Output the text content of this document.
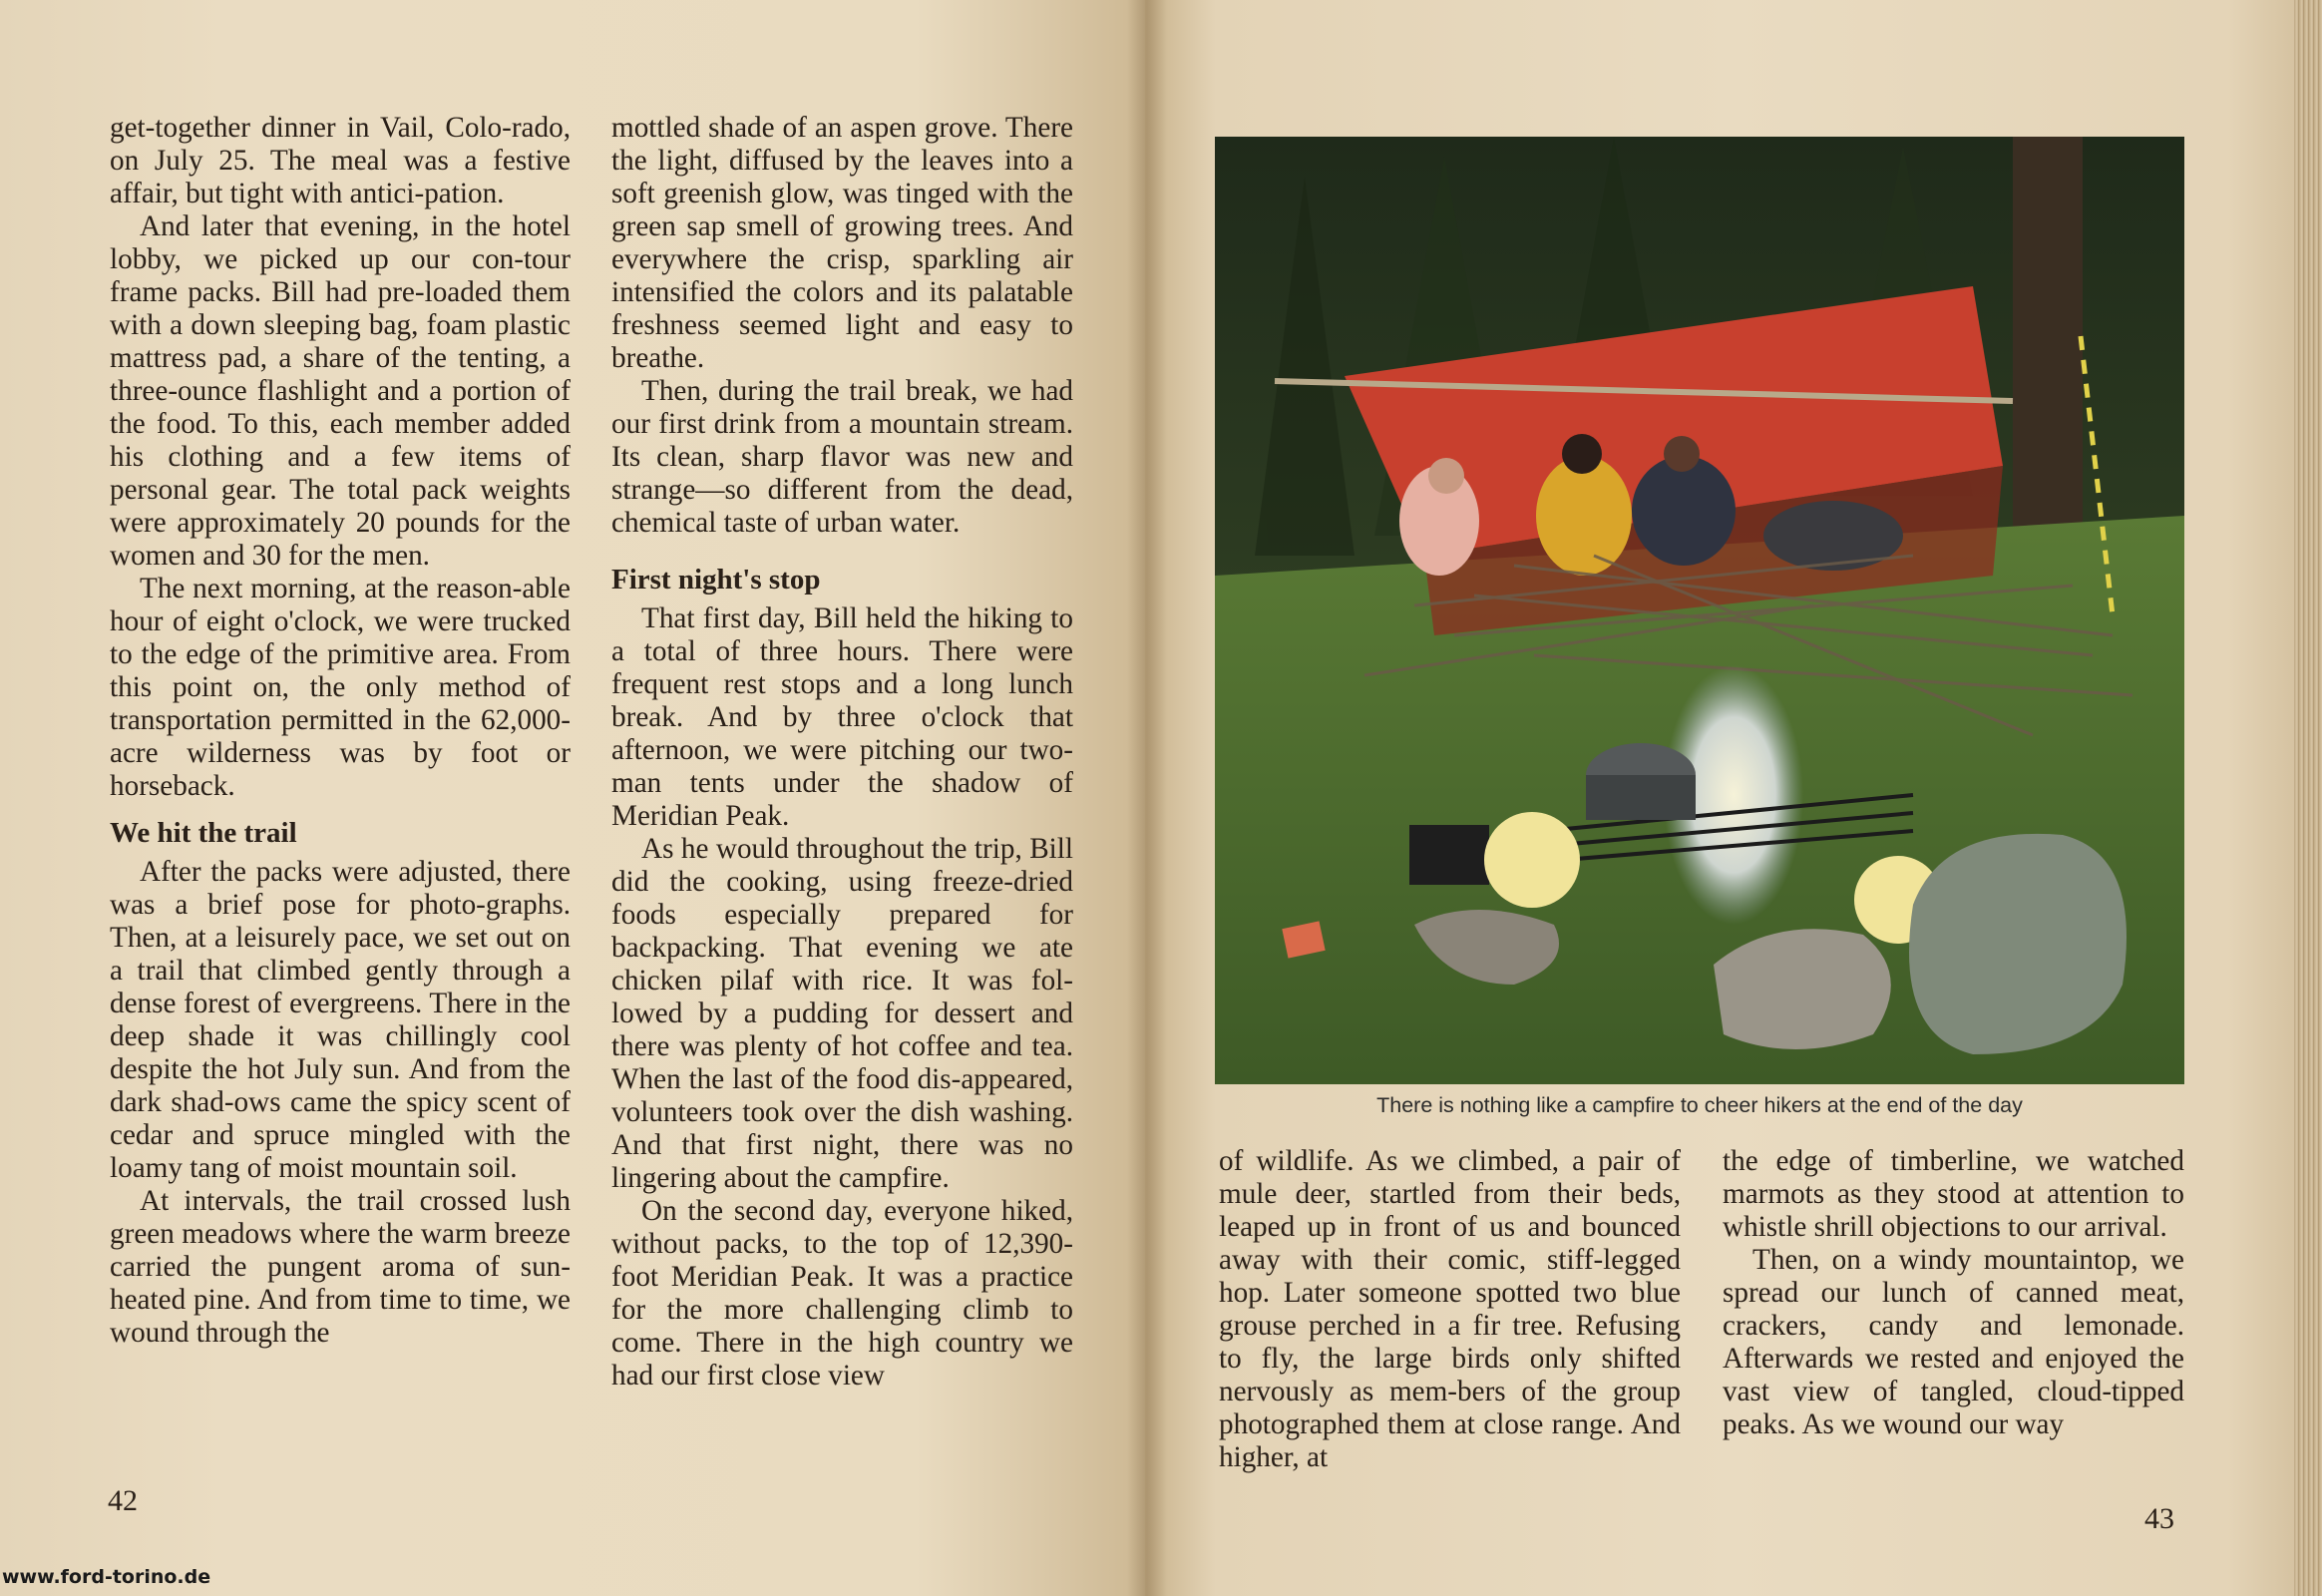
get-together dinner in Vail, Colo-rado, on July 25. The meal was a festive affair, but tight with antici-pation.

And later that evening, in the hotel lobby, we picked up our con-tour frame packs. Bill had pre-loaded them with a down sleeping bag, foam plastic mattress pad, a share of the tenting, a three-ounce flashlight and a portion of the food. To this, each member added his clothing and a few items of personal gear. The total pack weights were approximately 20 pounds for the women and 30 for the men.

The next morning, at the reason-able hour of eight o'clock, we were trucked to the edge of the primitive area. From this point on, the only method of transportation permitted in the 62,000-acre wilderness was by foot or horseback.

We hit the trail

After the packs were adjusted, there was a brief pose for photo-graphs. Then, at a leisurely pace, we set out on a trail that climbed gently through a dense forest of evergreens. There in the deep shade it was chillingly cool despite the hot July sun. And from the dark shad-ows came the spicy scent of cedar and spruce mingled with the loamy tang of moist mountain soil.

At intervals, the trail crossed lush green meadows where the warm breeze carried the pungent aroma of sun-heated pine. And from time to time, we wound through the

mottled shade of an aspen grove. There the light, diffused by the leaves into a soft greenish glow, was tinged with the green sap smell of growing trees. And everywhere the crisp, sparkling air intensified the colors and its palatable freshness seemed light and easy to breathe.

Then, during the trail break, we had our first drink from a mountain stream. Its clean, sharp flavor was new and strange—so different from the dead, chemical taste of urban water.

First night's stop

That first day, Bill held the hiking to a total of three hours. There were frequent rest stops and a long lunch break. And by three o'clock that afternoon, we were pitching our two-man tents under the shadow of Meridian Peak.

As he would throughout the trip, Bill did the cooking, using freeze-dried foods especially prepared for backpacking. That evening we ate chicken pilaf with rice. It was fol-lowed by a pudding for dessert and there was plenty of hot coffee and tea. When the last of the food dis-appeared, volunteers took over the dish washing. And that first night, there was no lingering about the campfire.

On the second day, everyone hiked, without packs, to the top of 12,390-foot Meridian Peak. It was a practice for the more challenging climb to come. There in the high country we had our first close view

42
There is nothing like a campfire to cheer hikers at the end of the day

of wildlife. As we climbed, a pair of mule deer, startled from their beds, leaped up in front of us and bounced away with their comic, stiff-legged hop. Later someone spotted two blue grouse perched in a fir tree. Refusing to fly, the large birds only shifted nervously as mem-bers of the group photographed them at close range. And higher, at

the edge of timberline, we watched marmots as they stood at attention to whistle shrill objections to our arrival.

Then, on a windy mountaintop, we spread our lunch of canned meat, crackers, candy and lemonade. Afterwards we rested and enjoyed the vast view of tangled, cloud-tipped peaks. As we wound our way

43
www.ford-torino.de
